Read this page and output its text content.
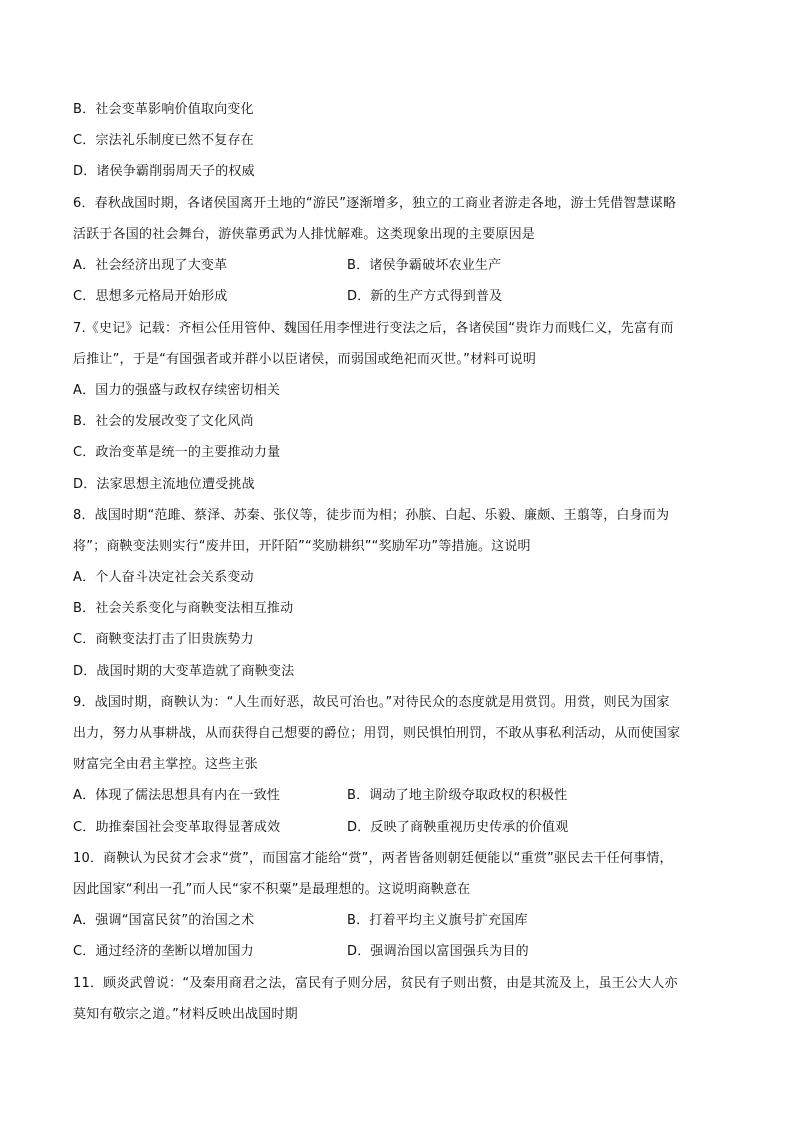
B．社会变革影响价值取向变化
C．宗法礼乐制度已然不复存在
D．诸侯争霸削弱周天子的权威
6．春秋战国时期，各诸侯国离开土地的“游民”逐渐增多，独立的工商业者游走各地，游士凭借智慧谋略
活跃于各国的社会舞台，游侠靠勇武为人排忧解难。这类现象出现的主要原因是
A．社会经济出现了大变革	B．诸侯争霸破坏农业生产
C．思想多元格局开始形成	D．新的生产方式得到普及
7.《史记》记载：齐桓公任用管仲、魏国任用李悝进行变法之后，各诸侯国“贵诈力而贱仁义，先富有而
后推让”，于是“有国强者或并群小以臣诸侯，而弱国或绝祀而灭世。”材料可说明
A．国力的强盛与政权存续密切相关
B．社会的发展改变了文化风尚
C．政治变革是统一的主要推动力量
D．法家思想主流地位遭受挑战
8．战国时期“范雎、蔡泽、苏秦、张仪等，徒步而为相；孙膑、白起、乐毅、廉颇、王翦等，白身而为
将”；商鞅变法则实行“废井田，开阡陌”“奖励耕织”“奖励军功”等措施。这说明
A．个人奋斗决定社会关系变动
B．社会关系变化与商鞅变法相互推动
C．商鞅变法打击了旧贵族势力
D．战国时期的大变革造就了商鞅变法
9．战国时期，商鞅认为：“人生而好恶，故民可治也。”对待民众的态度就是用赏罚。用赏，则民为国家
出力，努力从事耕战，从而获得自己想要的爵位；用罚，则民惧怕刑罚，不敢从事私利活动，从而使国家
财富完全由君主掌控。这些主张
A．体现了儒法思想具有内在一致性	B．调动了地主阶级夺取政权的积极性
C．助推秦国社会变革取得显著成效	D．反映了商鞅重视历史传承的价值观
10．商鞅认为民贫才会求“赏”，而国富才能给“赏”，两者皆备则朝廷便能以“重赏”驱民去干任何事情，
因此国家“利出一孔”而人民“家不积粟”是最理想的。这说明商鞅意在
A．强调“国富民贫”的治国之术	B．打着平均主义旗号扩充国库
C．通过经济的垄断以增加国力	D．强调治国以富国强兵为目的
11．顾炎武曾说：“及秦用商君之法，富民有子则分居，贫民有子则出赘，由是其流及上，虽王公大人亦
莫知有敬宗之道。”材料反映出战国时期
